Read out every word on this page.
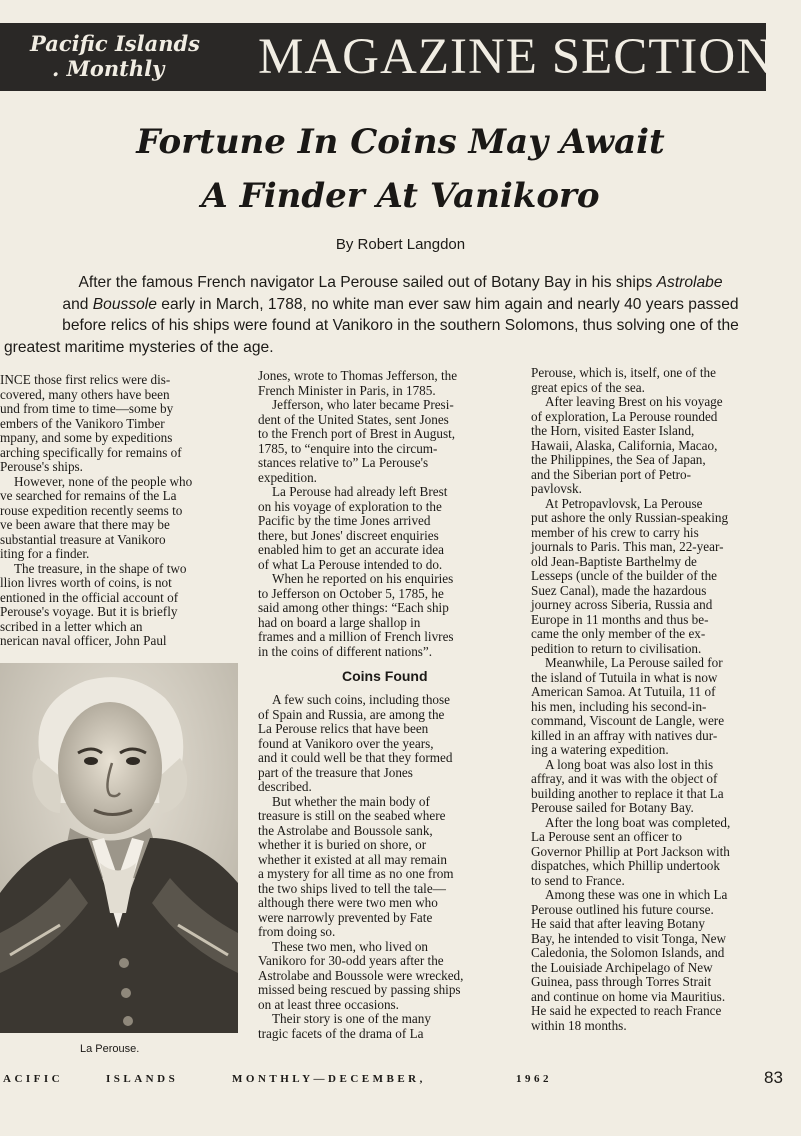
Pacific Islands
. Monthly	MAGAZINE SECTION
Fortune In Coins May Await
A Finder At Vanikoro
By Robert Langdon
After the famous French navigator La Perouse sailed out of Botany Bay in his ships Astrolabe
and Boussole early in March, 1788, no white man ever saw him again and nearly 40 years passed
before relics of his ships were found at Vanikoro in the southern Solomons, thus solving one of the
greatest maritime mysteries of the age.
INCE those first relics were dis-
covered, many others have been
und from time to time—some by
embers of the Vanikoro Timber
mpany, and some by expeditions
arching specifically for remains of
Perouse's ships.
However, none of the people who
ve searched for remains of the La
rouse expedition recently seems to
ve been aware that there may be
substantial treasure at Vanikoro
iting for a finder.
The treasure, in the shape of two
llion livres worth of coins, is not
entioned in the official account of
Perouse's voyage. But it is briefly
scribed in a letter which an
nerican naval officer, John Paul
Jones, wrote to Thomas Jefferson, the
French Minister in Paris, in 1785.
Jefferson, who later became Presi-
dent of the United States, sent Jones
to the French port of Brest in August,
1785, to “enquire into the circum-
stances relative to” La Perouse's
expedition.
La Perouse had already left Brest
on his voyage of exploration to the
Pacific by the time Jones arrived
there, but Jones' discreet enquiries
enabled him to get an accurate idea
of what La Perouse intended to do.
When he reported on his enquiries
to Jefferson on October 5, 1785, he
said among other things: “Each ship
had on board a large shallop in
frames and a million of French livres
in the coins of different nations”.
Coins Found
A few such coins, including those
of Spain and Russia, are among the
La Perouse relics that have been
found at Vanikoro over the years,
and it could well be that they formed
part of the treasure that Jones
described.
But whether the main body of
treasure is still on the seabed where
the Astrolabe and Boussole sank,
whether it is buried on shore, or
whether it existed at all may remain
a mystery for all time as no one from
the two ships lived to tell the tale—
although there were two men who
were narrowly prevented by Fate
from doing so.
These two men, who lived on
Vanikoro for 30-odd years after the
Astrolabe and Boussole were wrecked,
missed being rescued by passing ships
on at least three occasions.
Their story is one of the many
tragic facets of the drama of La
Perouse, which is, itself, one of the
great epics of the sea.
After leaving Brest on his voyage
of exploration, La Perouse rounded
the Horn, visited Easter Island,
Hawaii, Alaska, California, Macao,
the Philippines, the Sea of Japan,
and the Siberian port of Petro-
pavlovsk.
At Petropavlovsk, La Perouse
put ashore the only Russian-speaking
member of his crew to carry his
journals to Paris. This man, 22-year-
old Jean-Baptiste Barthelmy de
Lesseps (uncle of the builder of the
Suez Canal), made the hazardous
journey across Siberia, Russia and
Europe in 11 months and thus be-
came the only member of the ex-
pedition to return to civilisation.
Meanwhile, La Perouse sailed for
the island of Tutuila in what is now
American Samoa. At Tutuila, 11 of
his men, including his second-in-
command, Viscount de Langle, were
killed in an affray with natives dur-
ing a watering expedition.
A long boat was also lost in this
affray, and it was with the object of
building another to replace it that La
Perouse sailed for Botany Bay.
After the long boat was completed,
La Perouse sent an officer to
Governor Phillip at Port Jackson with
dispatches, which Phillip undertook
to send to France.
Among these was one in which La
Perouse outlined his future course.
He said that after leaving Botany
Bay, he intended to visit Tonga, New
Caledonia, the Solomon Islands, and
the Louisiade Archipelago of New
Guinea, pass through Torres Strait
and continue on home via Mauritius.
He said he expected to reach France
within 18 months.
La Perouse.
ACIFIC	ISLANDS	MONTHLY—DECEMBER,	1962	83
